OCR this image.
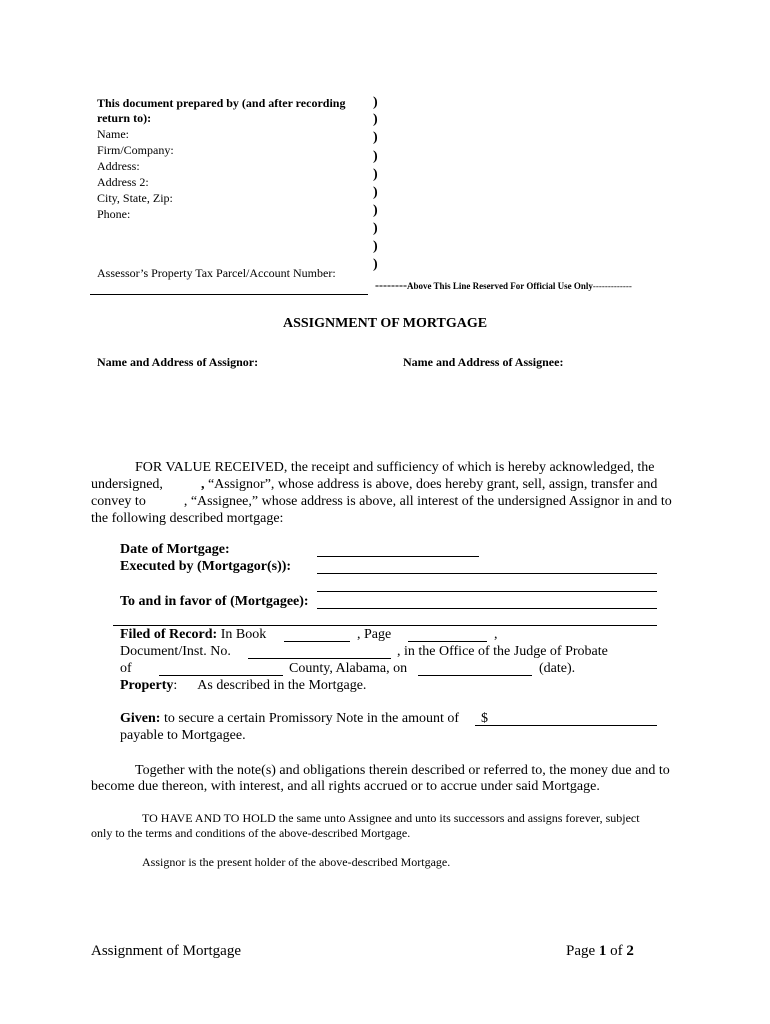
This document prepared by (and after recording
return to):
Name:
Firm/Company:
Address:
Address 2:
City, State, Zip:
Phone:
)
)
)
)
)
)
)
)
)
)
Assessor’s Property Tax Parcel/Account Number:
--------Above This Line Reserved For Official Use Only-------------
ASSIGNMENT OF MORTGAGE
Name and Address of Assignor:	Name and Address of Assignee:
FOR VALUE RECEIVED, the receipt and sufficiency of which is hereby acknowledged, the
undersigned,	, “Assignor”, whose address is above, does hereby grant, sell, assign, transfer and
convey to	, “Assignee,” whose address is above, all interest of the undersigned Assignor in and to
the following described mortgage:
Date of Mortgage:
Executed by (Mortgagor(s)):
To and in favor of (Mortgagee):
Filed of Record: In Book	, Page	,
Document/Inst. No.	, in the Office of the Judge of Probate
of	County, Alabama, on	(date).
Property: As described in the Mortgage.
Given: to secure a certain Promissory Note in the amount of $
payable to Mortgagee.
Together with the note(s) and obligations therein described or referred to, the money due and to
become due thereon, with interest, and all rights accrued or to accrue under said Mortgage.
TO HAVE AND TO HOLD the same unto Assignee and unto its successors and assigns forever, subject
only to the terms and conditions of the above-described Mortgage.
Assignor is the present holder of the above-described Mortgage.
Assignment of Mortgage	Page 1 of 2
